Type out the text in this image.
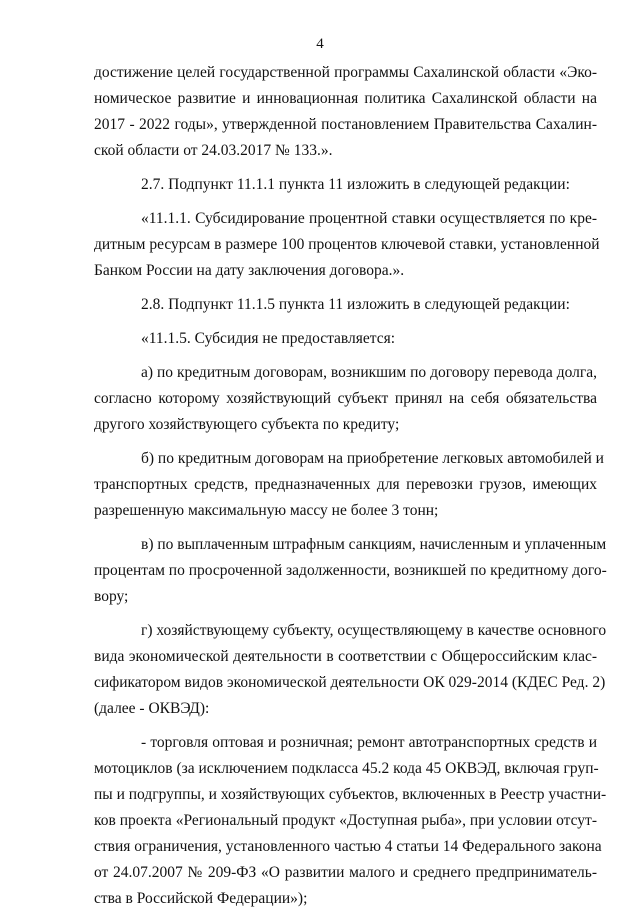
4
достижение целей государственной программы Сахалинской области «Эко-
номическое развитие и инновационная политика Сахалинской области на
2017 - 2022 годы», утвержденной постановлением Правительства Сахалин-
ской области от 24.03.2017 № 133.».
2.7. Подпункт 11.1.1 пункта 11 изложить в следующей редакции:
«11.1.1. Субсидирование процентной ставки осуществляется по кре-
дитным ресурсам в размере 100 процентов ключевой ставки, установленной
Банком России на дату заключения договора.».
2.8. Подпункт 11.1.5 пункта 11 изложить в следующей редакции:
«11.1.5. Субсидия не предоставляется:
а) по кредитным договорам, возникшим по договору перевода долга,
согласно которому хозяйствующий субъект принял на себя обязательства
другого хозяйствующего субъекта по кредиту;
б) по кредитным договорам на приобретение легковых автомобилей и
транспортных средств, предназначенных для перевозки грузов, имеющих
разрешенную максимальную массу не более 3 тонн;
в) по выплаченным штрафным санкциям, начисленным и уплаченным
процентам по просроченной задолженности, возникшей по кредитному дого-
вору;
г) хозяйствующему субъекту, осуществляющему в качестве основного
вида экономической деятельности в соответствии с Общероссийским клас-
сификатором видов экономической деятельности ОК 029-2014 (КДЕС Ред. 2)
(далее - ОКВЭД):
- торговля оптовая и розничная; ремонт автотранспортных средств и
мотоциклов (за исключением подкласса 45.2 кода 45 ОКВЭД, включая груп-
пы и подгруппы, и хозяйствующих субъектов, включенных в Реестр участни-
ков проекта «Региональный продукт «Доступная рыба», при условии отсут-
ствия ограничения, установленного частью 4 статьи 14 Федерального закона
от 24.07.2007 № 209-ФЗ «О развитии малого и среднего предприниматель-
ства в Российской Федерации»);
